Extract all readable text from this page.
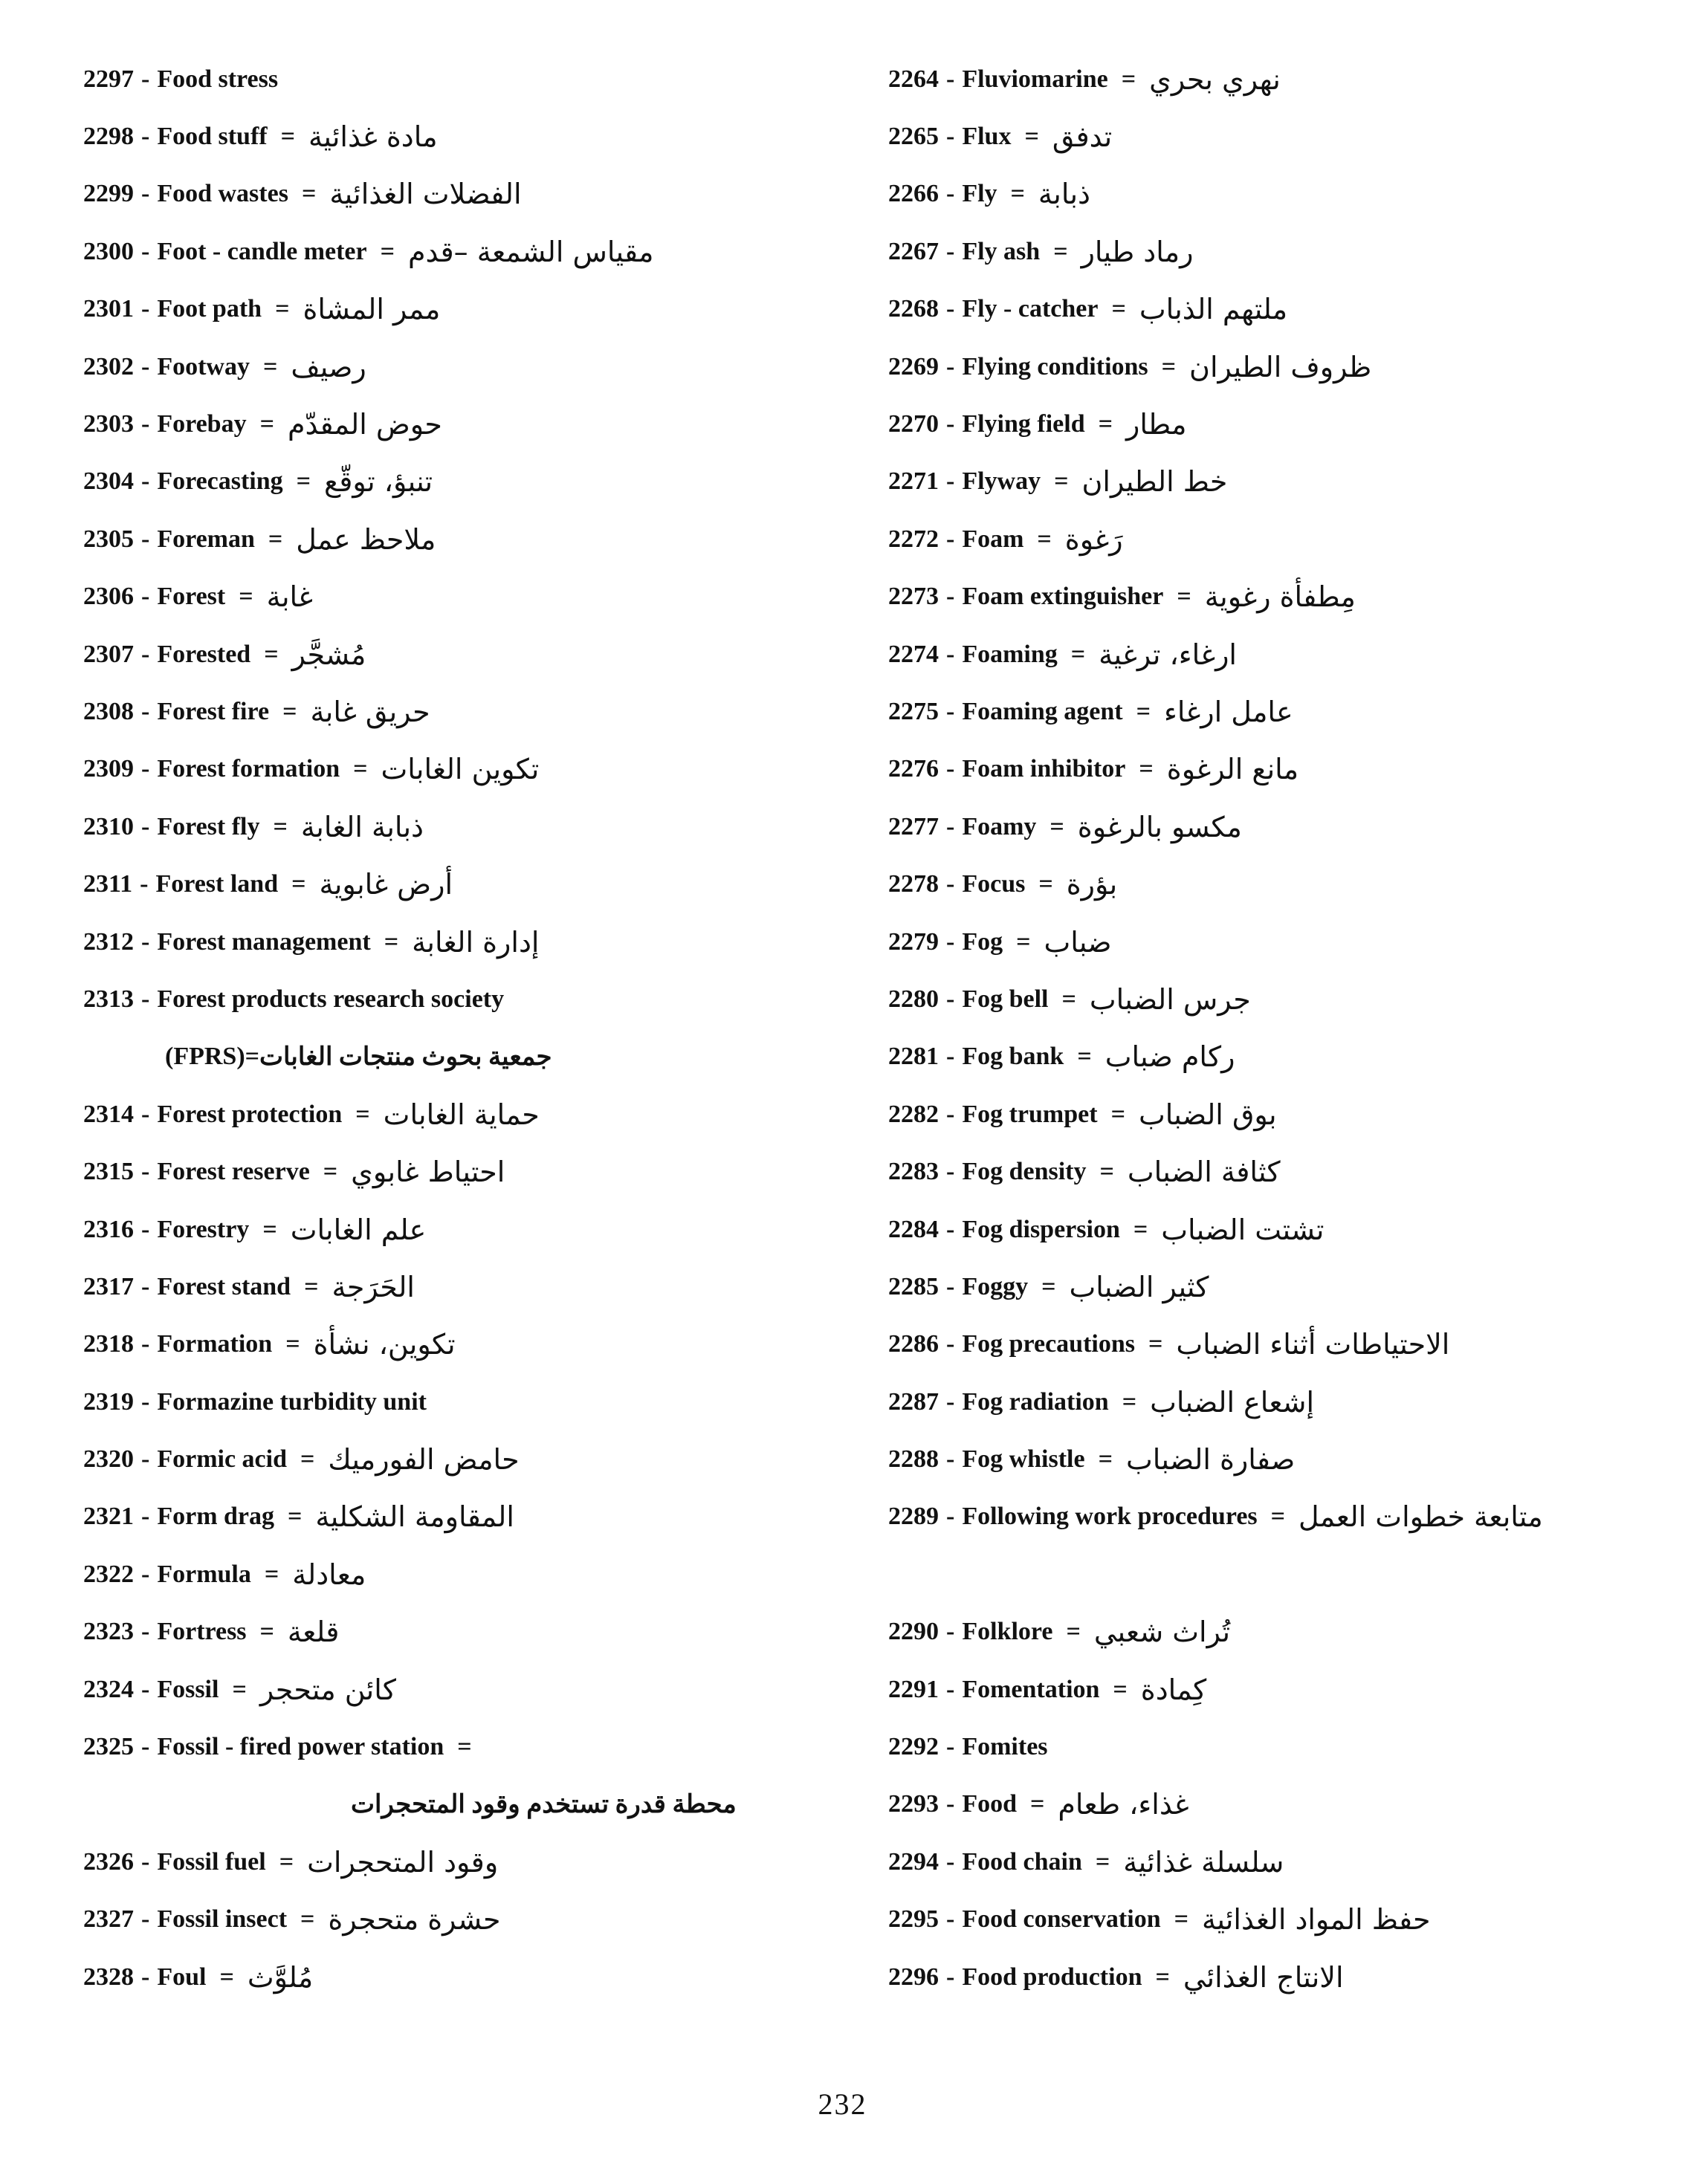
2297 - Food stress
2298 - Food stuff = مادة غذائية
2299 - Food wastes = الفضلات الغذائية
2300 - Foot - candle meter = مقياس الشمعة –قدم
2301 - Foot path = ممر المشاة
2302 - Footway = رصيف
2303 - Forebay = حوض المقدّم
2304 - Forecasting = تنبؤ، توقّع
2305 - Foreman = ملاحظ عمل
2306 - Forest = غابة
2307 - Forested = مُشجَّر
2308 - Forest fire = حريق غابة
2309 - Forest formation = تكوين الغابات
2310 - Forest fly = ذبابة الغابة
2311 - Forest land = أرض غابوية
2312 - Forest management = إدارة الغابة
2313 - Forest products research society
(FPRS) = جمعية بحوث منتجات الغابات
2314 - Forest protection = حماية الغابات
2315 - Forest reserve = احتياط غابوي
2316 - Forestry = علم الغابات
2317 - Forest stand = الحَرَجة
2318 - Formation = تكوين، نشأة
2319 - Formazine turbidity unit
2320 - Formic acid = حامض الفورميك
2321 - Form drag = المقاومة الشكلية
2322 - Formula = معادلة
2323 - Fortress = قلعة
2324 - Fossil = كائن متحجر
2325 - Fossil - fired power station =
محطة قدرة تستخدم وقود المتحجرات
2326 - Fossil fuel = وقود المتحجرات
2327 - Fossil insect = حشرة متحجرة
2328 - Foul = مُلوَّث
2264 - Fluviomarine = نهري بحري
2265 - Flux = تدفق
2266 - Fly = ذبابة
2267 - Fly ash = رماد طيار
2268 - Fly - catcher = ملتهم الذباب
2269 - Flying conditions = ظروف الطيران
2270 - Flying field = مطار
2271 - Flyway = خط الطيران
2272 - Foam = رَغوة
2273 - Foam extinguisher = مِطفأة رغوية
2274 - Foaming = ارغاء، ترغية
2275 - Foaming agent = عامل ارغاء
2276 - Foam inhibitor = مانع الرغوة
2277 - Foamy = مكسو بالرغوة
2278 - Focus = بؤرة
2279 - Fog = ضباب
2280 - Fog bell = جرس الضباب
2281 - Fog bank = ركام ضباب
2282 - Fog trumpet = بوق الضباب
2283 - Fog density = كثافة الضباب
2284 - Fog dispersion = تشتت الضباب
2285 - Foggy = كثير الضباب
2286 - Fog precautions = الاحتياطات أثناء الضباب
2287 - Fog radiation = إشعاع الضباب
2288 - Fog whistle = صفارة الضباب
2289 - Following work procedures = متابعة خطوات العمل
2290 - Folklore = تُراث شعبي
2291 - Fomentation = كِمادة
2292 - Fomites
2293 - Food = غذاء، طعام
2294 - Food chain = سلسلة غذائية
2295 - Food conservation = حفظ المواد الغذائية
2296 - Food production = الانتاج الغذائي
232
